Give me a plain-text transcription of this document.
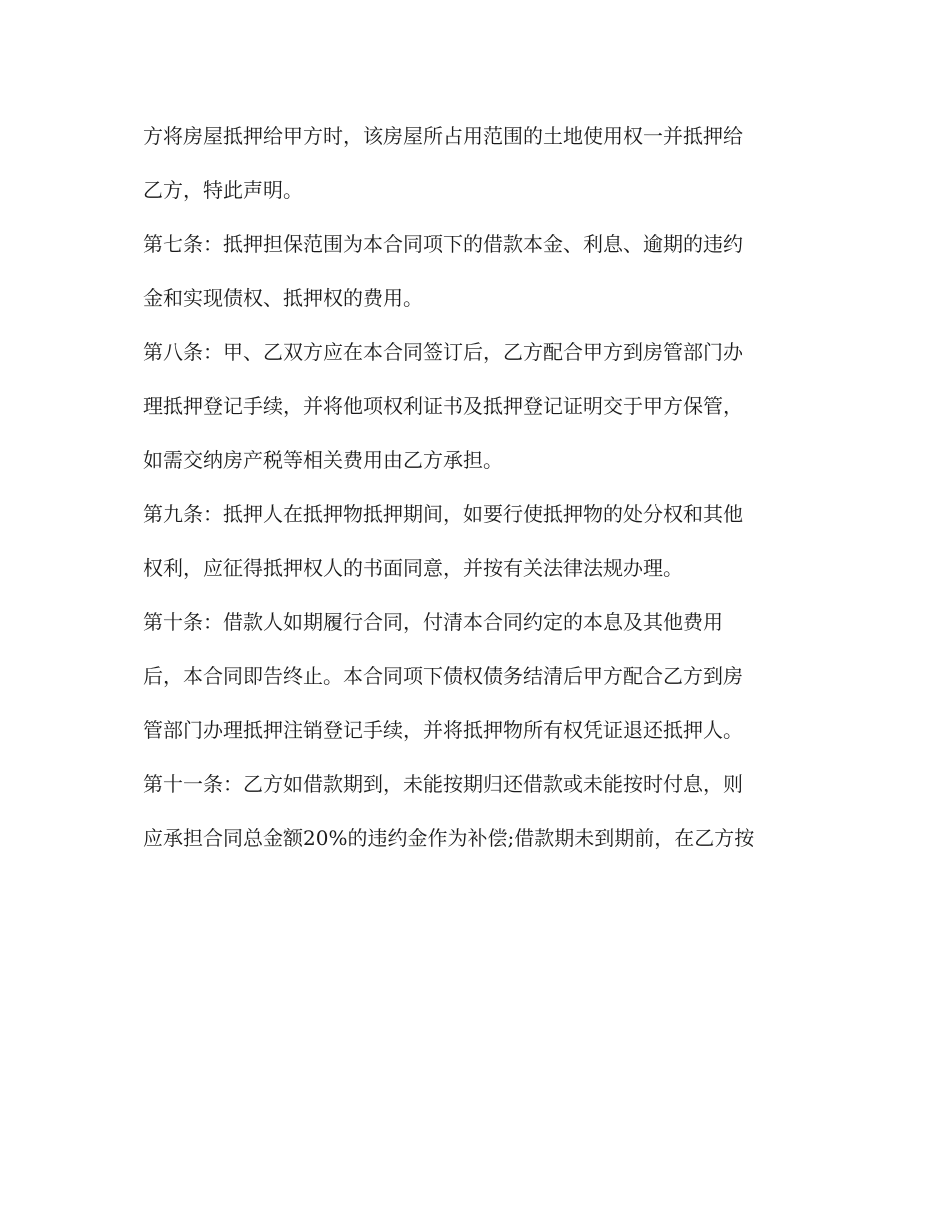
方将房屋抵押给甲方时，该房屋所占用范围的土地使用权一并抵押给
乙方，特此声明。
第七条：抵押担保范围为本合同项下的借款本金、利息、逾期的违约
金和实现债权、抵押权的费用。
第八条：甲、乙双方应在本合同签订后，乙方配合甲方到房管部门办
理抵押登记手续，并将他项权利证书及抵押登记证明交于甲方保管，
如需交纳房产税等相关费用由乙方承担。
第九条：抵押人在抵押物抵押期间，如要行使抵押物的处分权和其他
权利，应征得抵押权人的书面同意，并按有关法律法规办理。
第十条：借款人如期履行合同，付清本合同约定的本息及其他费用
后，本合同即告终止。本合同项下债权债务结清后甲方配合乙方到房
管部门办理抵押注销登记手续，并将抵押物所有权凭证退还抵押人。
第十一条：乙方如借款期到，未能按期归还借款或未能按时付息，则
应承担合同总金额20%的违约金作为补偿;借款期未到期前，在乙方按
